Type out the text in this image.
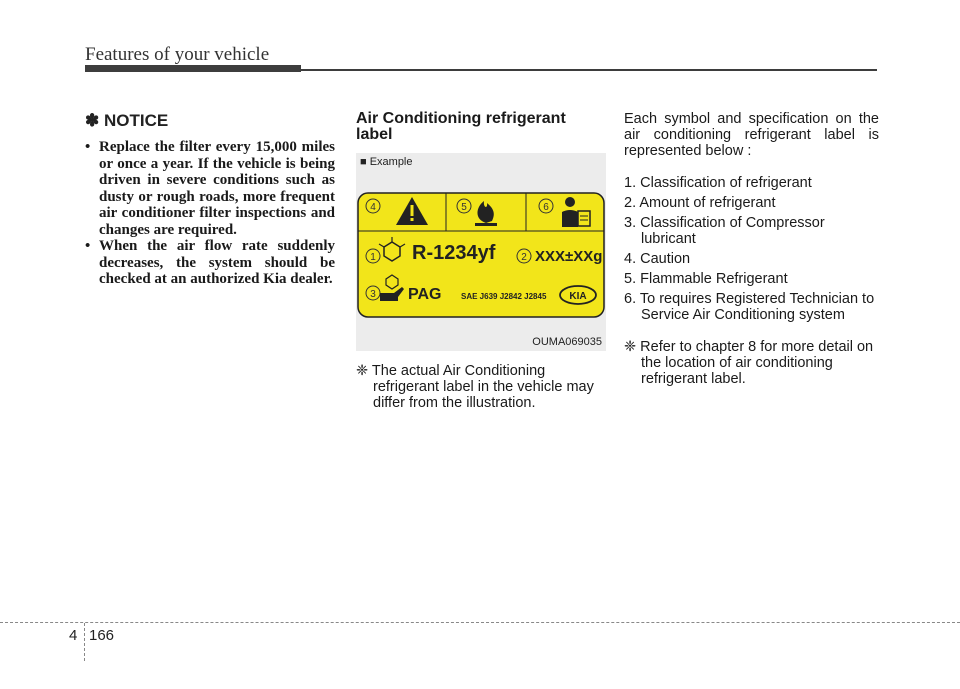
Features of your vehicle
✽ NOTICE
• Replace the filter every 15,000 miles or once a year. If the vehicle is being driven in severe conditions such as dusty or rough roads, more frequent air conditioner filter inspections and changes are required.
• When the air flow rate suddenly decreases, the system should be checked at an authorized Kia dealer.
Air Conditioning refrigerant label
■ Example
4	5	6
1 R-1234yf	2 XXX±XXg
3 PAG SAE J639 J2842 J2845 KIA
OUMA069035

❈ The actual Air Conditioning refrigerant label in the vehicle may differ from the illustration.

Each symbol and specification on the air conditioning refrigerant label is represented below :

1. Classification of refrigerant
2. Amount of refrigerant
3. Classification of Compressor lubricant
4. Caution
5. Flammable Refrigerant
6. To requires Registered Technician to Service Air Conditioning system

❈ Refer to chapter 8 for more detail on the location of air conditioning refrigerant label.

4 166
